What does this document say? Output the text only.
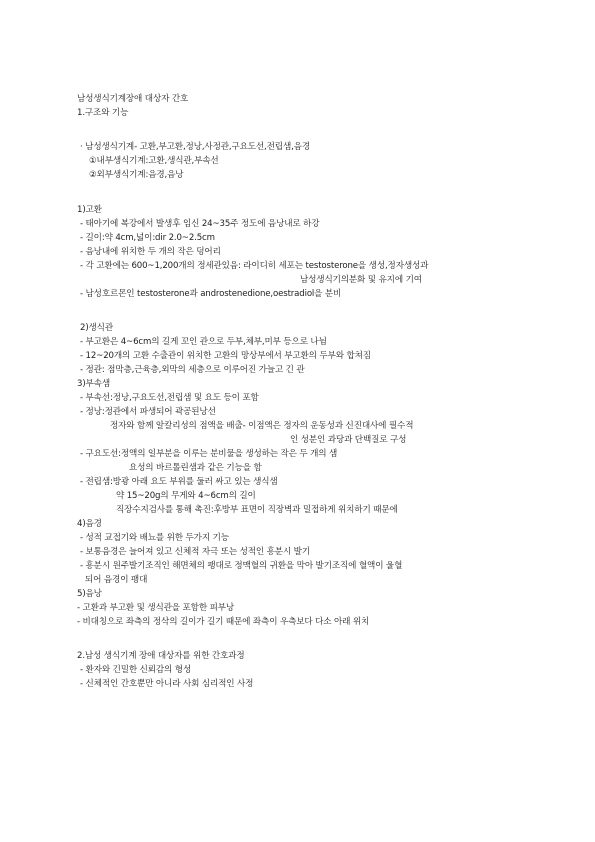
남성생식기계장애 대상자 간호
1.구조와 기능
· 남성생식기계- 고환,부고환,정낭,사정관,구요도선,전립샘,음경
①내부생식기계:고환,생식관,부속선
②외부생식기계:음경,음낭
1)고환
- 태아기에 복강에서 발생후 임신 24~35주 정도에 음낭내로 하강
- 길이:약 4cm,넓이:dir 2.0~2.5cm
- 음낭내에 위치한 두 개의 작은 덩어리
- 각 고환에는 600~1,200개의 정세관있음: 라이디히 세포는 testosterone을 생성,정자생성과
남성생식기의분화 및 유지에 기여
- 남성호르몬인 testosterone과 androstenedione,oestradiol을 분비
2)생식관
- 부고환은 4~6cm의 길게 꼬인 관으로 두부,체부,미부 등으로 나뉨
- 12~20개의 고환 수출관이 위치한 고환의 망상부에서 부고환의 두부와 합쳐짐
- 정관: 점막층,근육층,외막의 세층으로 이루어진 가늘고 긴 관
3)부속샘
- 부속선:정낭,구요도선,전립샘 및 요도 등이 포함
- 정낭:정관에서 파생되어 곽공된낭선
정자와 함께 알칼리성의 점액을 배출- 이점액은 정자의 운동성과 신진대사에 필수적
인 성분인 과당과 단백질로 구성
- 구요도선:정액의 일부분을 이루는 분비물을 생성하는 작은 두 개의 샘
요성의 바르톨린샘과 같은 기능을 함
- 전립샘:방광 아래 요도 부위를 둘러 싸고 있는 생식샘
약 15~20g의 무게와 4~6cm의 길이
직장수지검사를 통해 촉진:후방부 표면이 직장벽과 밀접하게 위치하기 때문에
4)음경
- 성적 교접기와 배뇨를 위한 두가지 기능
- 보통음경은 늘어져 있고 신체적 자극 또는 성적인 흥분시 발기
- 흥분시 원주발기조직인 해면체의 팽대로 정맥혈의 귀환을 막아 발기조직에 혈액이 울혈
되어 음경이 팽대
5)음낭
- 고환과 부고환 및 생식관을 포함한 피부낭
- 비대칭으로 좌측의 정삭의 길이가 길기 때문에 좌측이 우측보다 다소 아래 위치
2.남성 생식기계 장애 대상자를 위한 간호과정
- 환자와 긴밀한 신뢰감의 형성
- 신체적인 간호뿐만 아니라 사회 심리적인 사정
